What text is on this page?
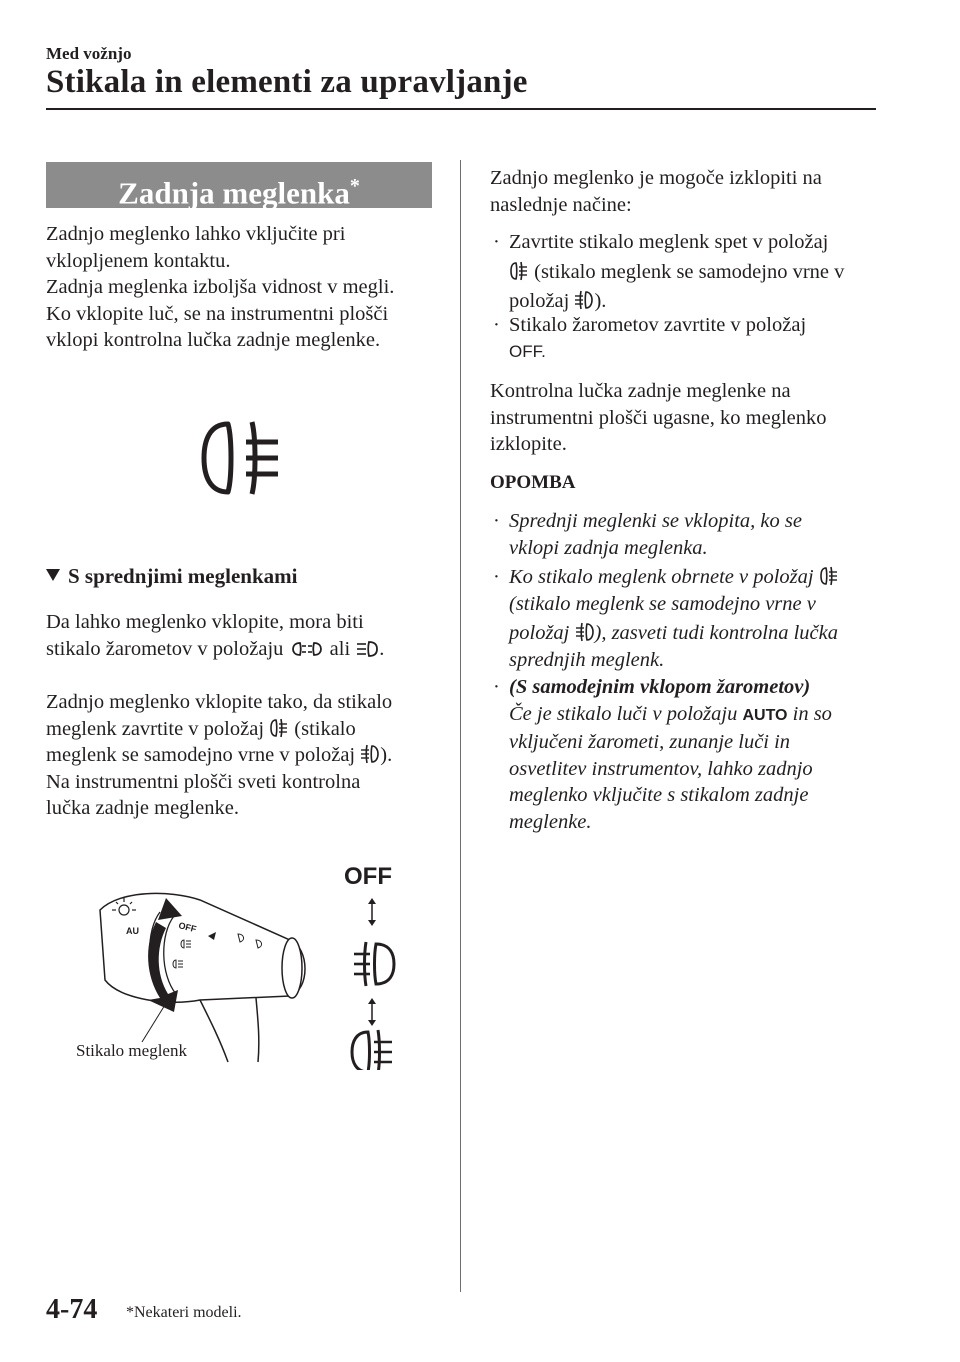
Med vožnjo
Stikala in elementi za upravljanje
Zadnja meglenka*
Zadnjo meglenko lahko vključite pri
vklopljenem kontaktu.
Zadnja meglenka izboljša vidnost v megli.
Ko vklopite luč, se na instrumentni plošči
vklopi kontrolna lučka zadnje meglenke.
S sprednjimi meglenkami
Da lahko meglenko vklopite, mora biti
stikalo žarometov v položaju
ali
.
Zadnjo meglenko vklopite tako, da stikalo
meglenk zavrtite v položaj
(stikalo
meglenk se samodejno vrne v položaj
).
Na instrumentni plošči sveti kontrolna
lučka zadnje meglenke.
AU	OFF
OFF
Stikalo meglenk
Zadnjo meglenko je mogoče izklopiti na
naslednje načine:
· Zavrtite stikalo meglenk spet v položaj
(stikalo meglenk se samodejno vrne v
položaj
).
· Stikalo žarometov zavrtite v položaj
OFF.
Kontrolna lučka zadnje meglenke na
instrumentni plošči ugasne, ko meglenko
izklopite.
OPOMBA
· Sprednji meglenki se vklopita, ko se
vklopi zadnja meglenka.
· Ko stikalo meglenk obrnete v položaj
(stikalo meglenk se samodejno vrne v
položaj
), zasveti tudi kontrolna lučka
sprednjih meglenk.
· (S samodejnim vklopom žarometov)
Če je stikalo luči v položaju AUTO in so
vključeni žarometi, zunanje luči in
osvetlitev instrumentov, lahko zadnjo
meglenko vključite s stikalom zadnje
meglenke.
4-74 *Nekateri modeli.
